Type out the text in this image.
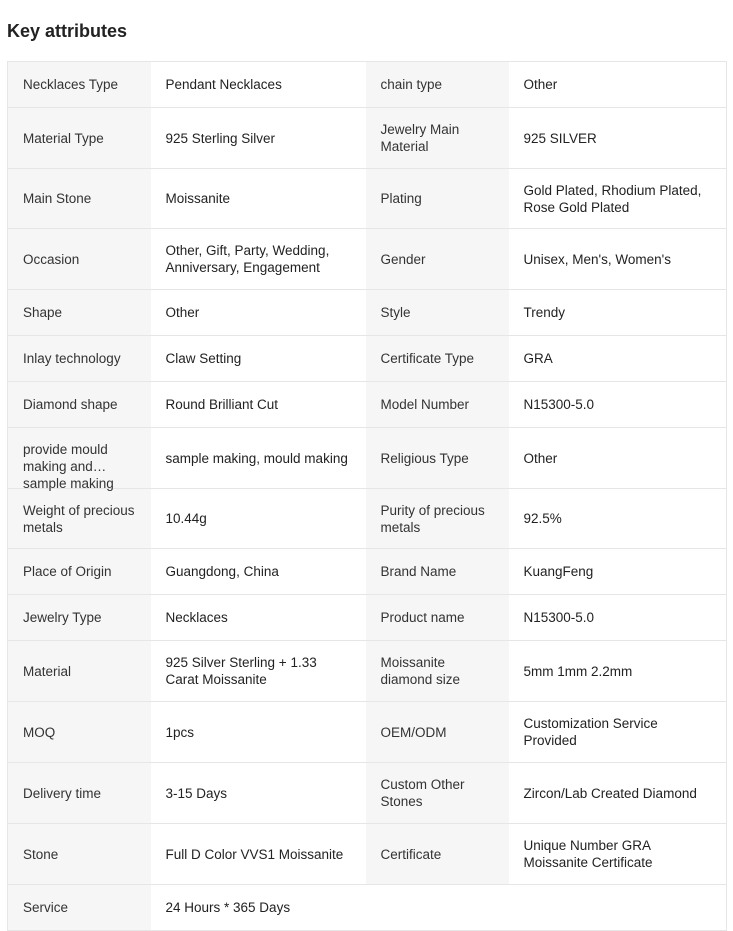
Key attributes
Necklaces Type	Pendant Necklaces	chain type	Other
Material Type	925 Sterling Silver	Jewelry Main Material	925 SILVER
Main Stone	Moissanite	Plating	Gold Plated, Rhodium Plated, Rose Gold Plated
Occasion	Other, Gift, Party, Wedding, Anniversary, Engagement	Gender	Unisex, Men's, Women's
Shape	Other	Style	Trendy
Inlay technology	Claw Setting	Certificate Type	GRA
Diamond shape	Round Brilliant Cut	Model Number	N15300-5.0

provide mould making and sample making	sample making, mould making	Religious Type	Other
Weight of precious metals	10.44g	Purity of precious metals	92.5%
Place of Origin	Guangdong, China	Brand Name	KuangFeng
Jewelry Type	Necklaces	Product name	N15300-5.0
Material	925 Silver Sterling + 1.33 Carat Moissanite	Moissanite diamond size	5mm 1mm 2.2mm
MOQ	1pcs	OEM/ODM	Customization Service Provided
Delivery time	3-15 Days	Custom Other Stones	Zircon/Lab Created Diamond
Stone	Full D Color VVS1 Moissanite	Certificate	Unique Number GRA Moissanite Certificate
Service	24 Hours * 365 Days		
